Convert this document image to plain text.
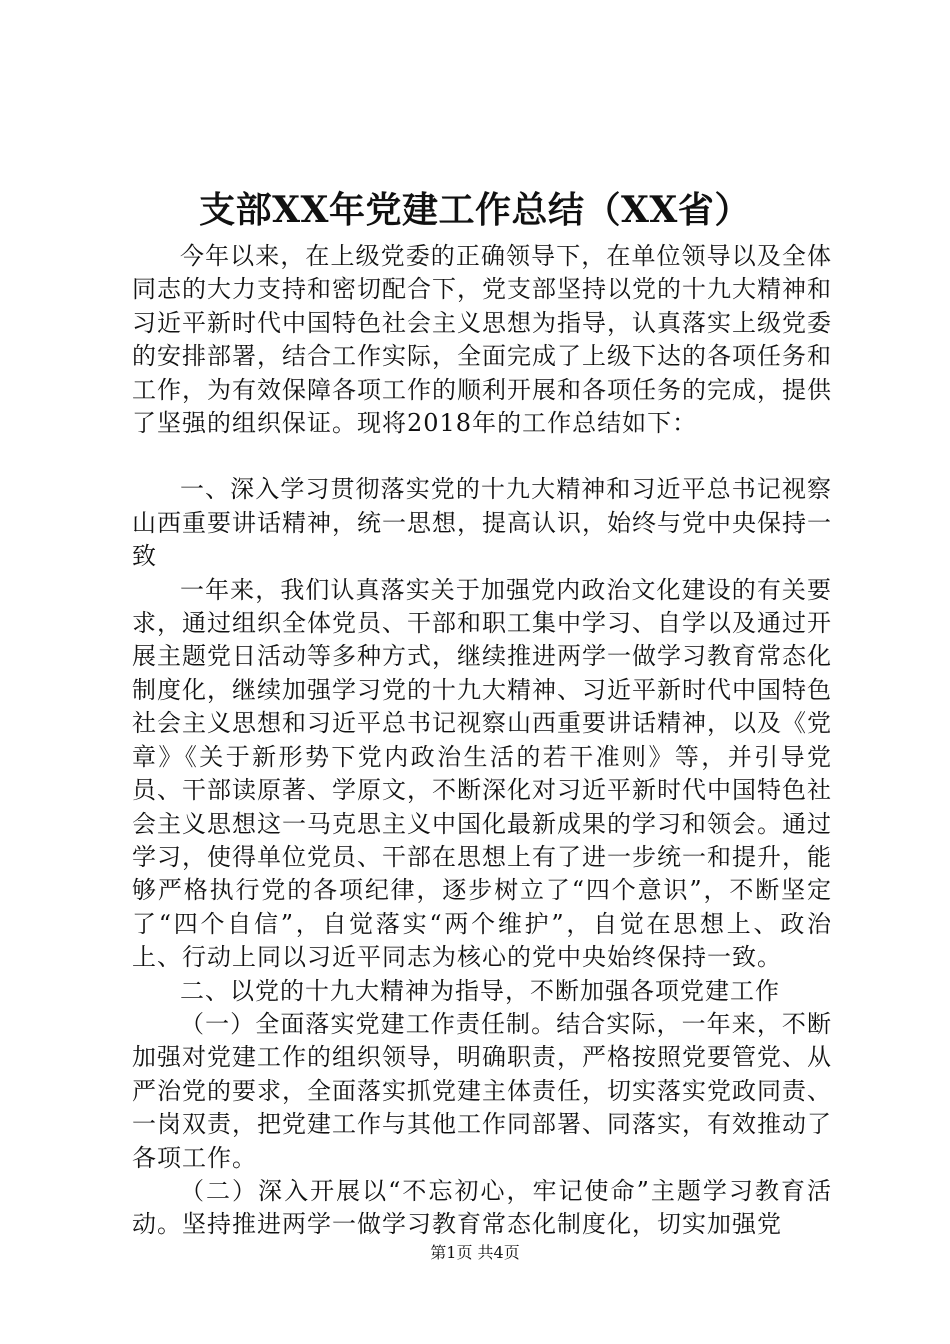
支部XX年党建工作总结（XX省）

今年以来，在上级党委的正确领导下，在单位领导以及全体同志的大力支持和密切配合下，党支部坚持以党的十九大精神和习近平新时代中国特色社会主义思想为指导，认真落实上级党委的安排部署，结合工作实际，全面完成了上级下达的各项任务和工作，为有效保障各项工作的顺利开展和各项任务的完成，提供了坚强的组织保证。现将2018年的工作总结如下：

一、深入学习贯彻落实党的十九大精神和习近平总书记视察山西重要讲话精神，统一思想，提高认识，始终与党中央保持一致

一年来，我们认真落实关于加强党内政治文化建设的有关要求，通过组织全体党员、干部和职工集中学习、自学以及通过开展主题党日活动等多种方式，继续推进两学一做学习教育常态化制度化，继续加强学习党的十九大精神、习近平新时代中国特色社会主义思想和习近平总书记视察山西重要讲话精神，以及《党章》《关于新形势下党内政治生活的若干准则》等，并引导党员、干部读原著、学原文，不断深化对习近平新时代中国特色社会主义思想这一马克思主义中国化最新成果的学习和领会。通过学习，使得单位党员、干部在思想上有了进一步统一和提升，能够严格执行党的各项纪律，逐步树立了“四个意识”，不断坚定了“四个自信”，自觉落实“两个维护”，自觉在思想上、政治上、行动上同以习近平同志为核心的党中央始终保持一致。

二、以党的十九大精神为指导，不断加强各项党建工作

（一）全面落实党建工作责任制。结合实际，一年来，不断加强对党建工作的组织领导，明确职责，严格按照党要管党、从严治党的要求，全面落实抓党建主体责任，切实落实党政同责、一岗双责，把党建工作与其他工作同部署、同落实，有效推动了各项工作。

（二）深入开展以“不忘初心，牢记使命”主题学习教育活动。坚持推进两学一做学习教育常态化制度化，切实加强党

第1页 共4页
